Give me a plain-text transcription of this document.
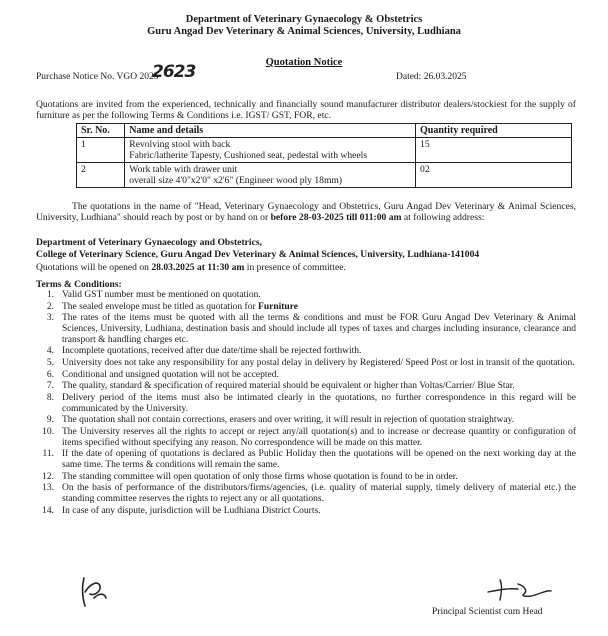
Department of Veterinary Gynaecology & Obstetrics
Guru Angad Dev Veterinary & Animal Sciences, University, Ludhiana
Quotation Notice
Purchase Notice No. VGO 2025
2623	Dated: 26.03.2025
Quotations are invited from the experienced, technically and financially sound manufacturer distributor dealers/stockiest for the supply of furniture as per the following Terms & Conditions i.e. IGST/ GST, FOR, etc.
Sr. No.	Name and details	Quantity required
1	Revolving stool with back
Fabric/latherite Tapesty, Cushioned seat, pedestal with wheels	15
2	Work table with drawer unit
overall size 4'0"x2'0" x2'6" (Engineer wood ply 18mm)	02
The quotations in the name of "Head, Veterinary Gynaecology and Obstetrics, Guru Angad Dev Veterinary & Animal Sciences, University, Ludhiana" should reach by post or by hand on or before 28-03-2025 till 011:00 am at following address:
Department of Veterinary Gynaecology and Obstetrics,
College of Veterinary Science, Guru Angad Dev Veterinary & Animal Sciences, University, Ludhiana-141004
Quotations will be opened on 28.03.2025 at 11:30 am in presence of committee.
Terms & Conditions:
1. Valid GST number must be mentioned on quotation.
2. The sealed envelope must be titled as quotation for Furniture
3. The rates of the items must be quoted with all the terms & conditions and must be FOR Guru Angad Dev Veterinary & Animal Sciences, University, Ludhiana, destination basis and should include all types of taxes and charges including insurance, clearance and transport & handling charges etc.
4. Incomplete quotations, received after due date/time shall be rejected forthwith.
5. University does not take any responsibility for any postal delay in delivery by Registered/ Speed Post or lost in transit of the quotation.
6. Conditional and unsigned quotation will not be accepted.
7. The quality, standard & specification of required material should be equivalent or higher than Voltas/Carrier/ Blue Star.
8. Delivery period of the items must also be intimated clearly in the quotations, no further correspondence in this regard will be communicated by the University.
9. The quotation shall not contain corrections, erasers and over writing, it will result in rejection of quotation straightway.
10. The University reserves all the rights to accept or reject any/all quotation(s) and to increase or decrease quantity or configuration of items specified without specifying any reason. No correspondence will be made on this matter.
11. If the date of opening of quotations is declared as Public Holiday then the quotations will be opened on the next working day at the same time. The terms & conditions will remain the same.
12. The standing committee will open quotation of only those firms whose quotation is found to be in order.
13. On the basis of performance of the distributors/firms/agencies, (i.e. quality of material supply, timely delivery of material etc.) the standing committee reserves the rights to reject any or all quotations.
14. In case of any dispute, jurisdiction will be Ludhiana District Courts.
Principal Scientist cum Head
